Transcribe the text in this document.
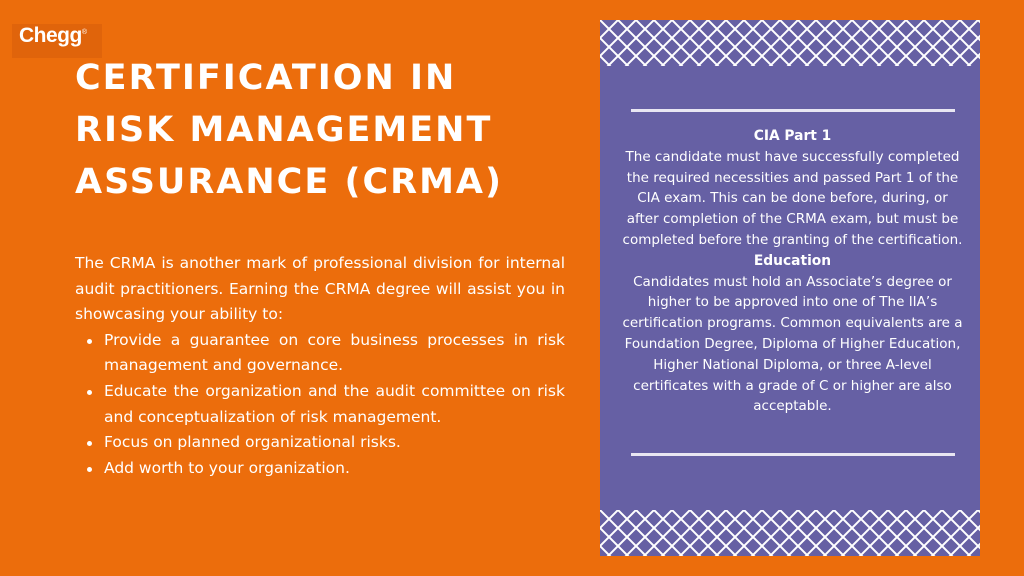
Chegg®
CERTIFICATION IN
RISK MANAGEMENT
ASSURANCE (CRMA)

The CRMA is another mark of professional division for internal audit practitioners. Earning the CRMA degree will assist you in showcasing your ability to:

Provide a guarantee on core business processes in risk management and governance.
Educate the organization and the audit committee on risk and conceptualization of risk management.
Focus on planned organizational risks.
Add worth to your organization.
CIA Part 1

The candidate must have successfully completed the required necessities and passed Part 1 of the CIA exam. This can be done before, during, or after completion of the CRMA exam, but must be completed before the granting of the certification.

Education

Candidates must hold an Associate’s degree or higher to be approved into one of The IIA’s certification programs. Common equivalents are a Foundation Degree, Diploma of Higher Education, Higher National Diploma, or three A-level certificates with a grade of C or higher are also acceptable.
